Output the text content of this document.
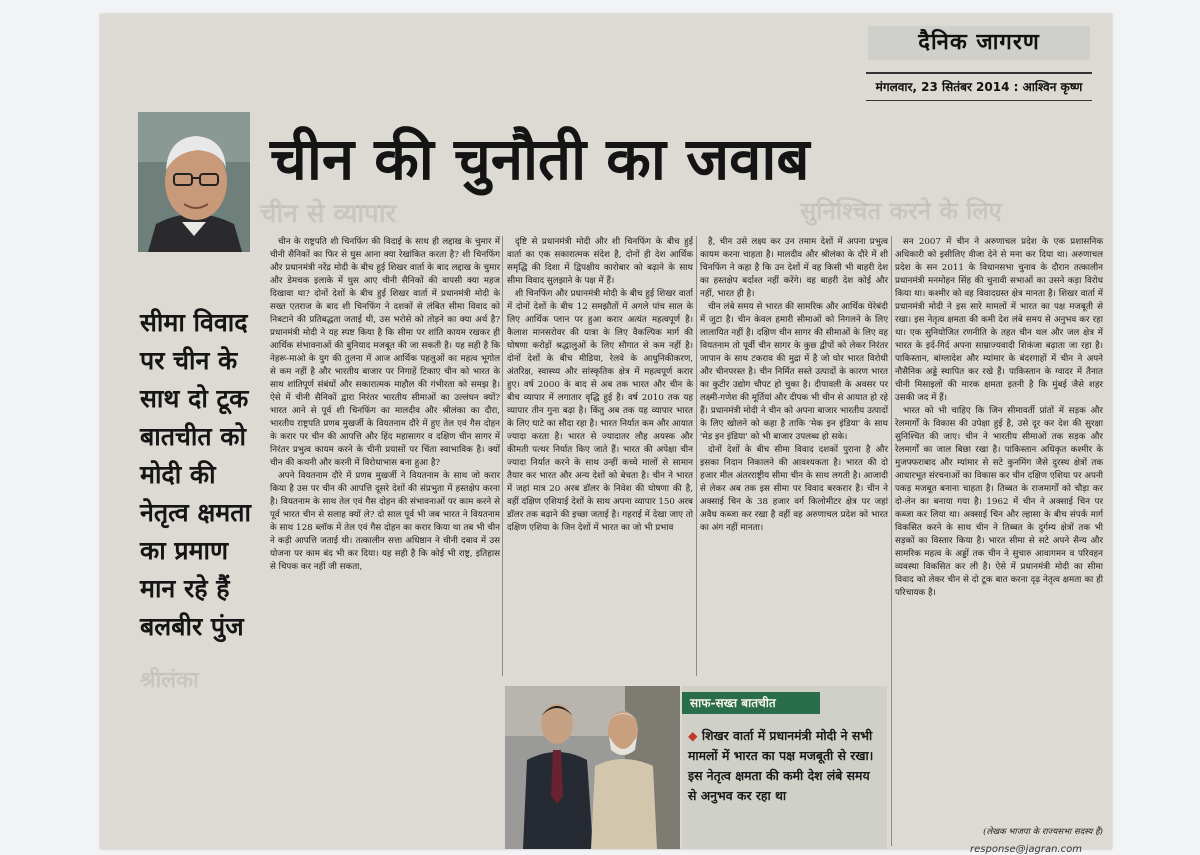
चीन से व्यापार	सुनिश्चित करने के लिए
श्रीलंका
दैनिक जागरण
मंगलवार, 23 सितंबर 2014 : आश्विन कृष्ण
चीन की चुनौती का जवाब
सीमा विवाद पर चीन के साथ दो टूक बातचीत को मोदी की नेतृत्व क्षमता का प्रमाण मान रहे हैं
बलबीर पुंज

चीन के राष्ट्रपति शी चिनफिंग की विदाई के साथ ही लद्दाख के चुमार में चीनी सैनिकों का फिर से घुस आना क्या रेखांकित करता है? शी चिनफिंग और प्रधानमंत्री नरेंद्र मोदी के बीच हुई शिखर वार्ता के बाद लद्दाख के चुमार और डेमचक इलाके में घुस आए चीनी सैनिकों की वापसी क्या महज दिखावा था? दोनों देशों के बीच हुई शिखर वार्ता में प्रधानमंत्री मोदी के सख्त एतराज के बाद शी चिनफिंग ने दशकों से लंबित सीमा विवाद को निबटाने की प्रतिबद्धता जताई थी, उस भरोसे को तोड़ने का क्या अर्थ है? प्रधानमंत्री मोदी ने यह स्पष्ट किया है कि सीमा पर शांति कायम रखकर ही आर्थिक संभावनाओं की बुनियाद मजबूत की जा सकती है। यह सही है कि नेहरू-माओ के युग की तुलना में आज आर्थिक पहलुओं का महत्व भूगोल से कम नहीं है और भारतीय बाजार पर निगाहें टिकाए चीन को भारत के साथ शांतिपूर्ण संबंधों और सकारात्मक माहौल की गंभीरता को समझ है। ऐसे में चीनी सैनिकों द्वारा निरंतर भारतीय सीमाओं का उल्लंघन क्यों? भारत आने से पूर्व शी चिनफिंग का मालदीव और श्रीलंका का दौरा, भारतीय राष्ट्रपति प्रणब मुखर्जी के वियतनाम दौरे में हुए तेल एवं गैस दोहन के करार पर चीन की आपत्ति और हिंद महासागर व दक्षिण चीन सागर में निरंतर प्रभुत्व कायम करने के चीनी प्रयासों पर चिंता स्वाभाविक है। क्यों चीन की कथनी और करनी में विरोधाभास बना हुआ है?

अपने वियतनाम दौरे में प्रणब मुखर्जी ने वियतनाम के साथ जो करार किया है उस पर चीन की आपत्ति दूसरे देशों की संप्रभुता में हस्तक्षेप करना है। वियतनाम के साथ तेल एवं गैस दोहन की संभावनाओं पर काम करने से पूर्व भारत चीन से सलाह क्यों ले? दो साल पूर्व भी जब भारत ने वियतनाम के साथ 128 ब्लॉक में तेल एवं गैस दोहन का करार किया था तब भी चीन ने कड़ी आपत्ति जताई थी। तत्कालीन सत्ता अधिष्ठान ने चीनी दबाव में उस योजना पर काम बंद भी कर दिया। यह सही है कि कोई भी राष्ट्र, इतिहास से चिपक कर नहीं जी सकता,

दृष्टि से प्रधानमंत्री मोदी और शी चिनफिंग के बीच हुई वार्ता का एक सकारात्मक संदेश है, दोनों ही देश आर्थिक समृद्धि की दिशा में द्विपक्षीय कारोबार को बढ़ाने के साथ सीमा विवाद सुलझाने के पक्ष में हैं।

शी चिनफिंग और प्रधानमंत्री मोदी के बीच हुई शिखर वार्ता में दोनों देशों के बीच 12 समझौतों में अगले पांच साल के लिए आर्थिक प्लान पर हुआ करार अत्यंत महत्वपूर्ण है। कैलाश मानसरोवर की यात्रा के लिए वैकल्पिक मार्ग की घोषणा करोड़ों श्रद्धालुओं के लिए सौगात से कम नहीं है। दोनों देशों के बीच मीडिया, रेलवे के आधुनिकीकरण, अंतरिक्ष, स्वास्थ्य और सांस्कृतिक क्षेत्र में महत्वपूर्ण करार हुए। वर्ष 2000 के बाद से अब तक भारत और चीन के बीच व्यापार में लगातार वृद्धि हुई है। वर्ष 2010 तक यह व्यापार तीन गुना बढ़ा है। किंतु अब तक यह व्यापार भारत के लिए घाटे का सौदा रहा है। भारत निर्यात कम और आयात ज्यादा करता है। भारत से ज्यादातर लौह अयस्क और कीमती पत्थर निर्यात किए जाते हैं। भारत की अपेक्षा चीन ज्यादा निर्यात करने के साथ उन्हीं कच्चे मालों से सामान तैयार कर भारत और अन्य देशों को बेचता है। चीन ने भारत में जहां मात्र 20 अरब डॉलर के निवेश की घोषणा की है, वहीं दक्षिण एशियाई देशों के साथ अपना व्यापार 150 अरब डॉलर तक बढ़ाने की इच्छा जताई है। गहराई में देखा जाए तो दक्षिण एशिया के जिन देशों में भारत का जो भी प्रभाव

है, चीन उसे लक्ष्य कर उन तमाम देशों में अपना प्रभुत्व कायम करना चाहता है। मालदीव और श्रीलंका के दौरे में शी चिनफिंग ने कहा है कि उन देशों में वह किसी भी बाहरी देश का हस्तक्षेप बर्दाश्त नहीं करेंगे। वह बाहरी देश कोई और नहीं, भारत ही है।

चीन लंबे समय से भारत की सामरिक और आर्थिक घेरेबंदी में जुटा है। चीन केवल हमारी सीमाओं को निगलने के लिए लालायित नहीं है। दक्षिण चीन सागर की सीमाओं के लिए वह वियतनाम तो पूर्वी चीन सागर के कुछ द्वीपों को लेकर निरंतर जापान के साथ टकराव की मुद्रा में है जो घोर भारत विरोधी और चीनपरस्त है। चीन निर्मित सस्ते उत्पादों के कारण भारत का कुटीर उद्योग चौपट हो चुका है। दीपावली के अवसर पर लक्ष्मी-गणेश की मूर्तियां और दीपक भी चीन से आयात हो रहे हैं। प्रधानमंत्री मोदी ने चीन को अपना बाजार भारतीय उत्पादों के लिए खोलने को कहा है ताकि 'मेक इन इंडिया' के साथ 'मेड इन इंडिया' को भी बाजार उपलब्ध हो सके।

दोनों देशों के बीच सीमा विवाद दशकों पुराना है और इसका निदान निकालने की आवश्यकता है। भारत की दो हजार मील अंतरराष्ट्रीय सीमा चीन के साथ लगती है। आजादी से लेकर अब तक इस सीमा पर विवाद बरकरार है। चीन ने अक्साई चिन के 38 हजार वर्ग किलोमीटर क्षेत्र पर जहां अवैध कब्जा कर रखा है वहीं वह अरुणाचल प्रदेश को भारत का अंग नहीं मानता।

सन 2007 में चीन ने अरुणाचल प्रदेश के एक प्रशासनिक अधिकारी को इसीलिए वीजा देने से मना कर दिया था। अरुणाचल प्रदेश के सन 2011 के विधानसभा चुनाव के दौरान तत्कालीन प्रधानमंत्री मनमोहन सिंह की चुनावी सभाओं का उसने कड़ा विरोध किया था। कश्मीर को वह विवादग्रस्त क्षेत्र मानता है। शिखर वार्ता में प्रधानमंत्री मोदी ने इस सारे मामलों में भारत का पक्ष मजबूती से रखा। इस नेतृत्व क्षमता की कमी देश लंबे समय से अनुभव कर रहा था। एक सुनियोजित रणनीति के तहत चीन थल और जल क्षेत्र में भारत के इर्द-गिर्द अपना साम्राज्यवादी शिकंजा बढ़ाता जा रहा है। पाकिस्तान, बांग्लादेश और म्यांमार के बंदरगाहों में चीन ने अपने नौसैनिक अड्डे स्थापित कर रखे हैं। पाकिस्तान के ग्वादर में तैनात चीनी मिसाइलों की मारक क्षमता इतनी है कि मुंबई जैसे शहर उसकी जद में हैं।

भारत को भी चाहिए कि जिन सीमावर्ती प्रांतों में सड़क और रेलमार्गों के विकास की उपेक्षा हुई है, उसे दूर कर देश की सुरक्षा सुनिश्चित की जाए। चीन ने भारतीय सीमाओं तक सड़क और रेलमार्गों का जाल बिछा रखा है। पाकिस्तान अधिकृत कश्मीर के मुजफ्फराबाद और म्यांमार से सटे कुनमिंग जैसे दुरस्थ क्षेत्रों तक आधारभूत संरचनाओं का विकास कर चीन दक्षिण एशिया पर अपनी पकड़ मजबूत बनाना चाहता है। तिब्बत के राजमार्गों को चौड़ा कर दो-लेन का बनाया गया है। 1962 में चीन ने अक्साई चिन पर कब्जा कर लिया था। अक्साई चिन और ल्हासा के बीच संपर्क मार्ग विकसित करने के साथ चीन ने तिब्बत के दुर्गम्य क्षेत्रों तक भी सड़कों का विस्तार किया है। भारत सीमा से सटे अपने सैन्य और सामरिक महत्व के अड्डों तक चीन ने सुचारु आवागमन व परिवहन व्यवस्था विकसित कर ली है। ऐसे में प्रधानमंत्री मोदी का सीमा विवाद को लेकर चीन से दो टूक बात करना दृढ़ नेतृत्व क्षमता का ही परिचायक है।

(लेखक भाजपा के राज्यसभा सदस्य हैं)
response@jagran.com
साफ-सख्त बातचीत
◆ शिखर वार्ता में प्रधानमंत्री मोदी ने सभी मामलों में भारत का पक्ष मजबूती से रखा। इस नेतृत्व क्षमता की कमी देश लंबे समय से अनुभव कर रहा था
